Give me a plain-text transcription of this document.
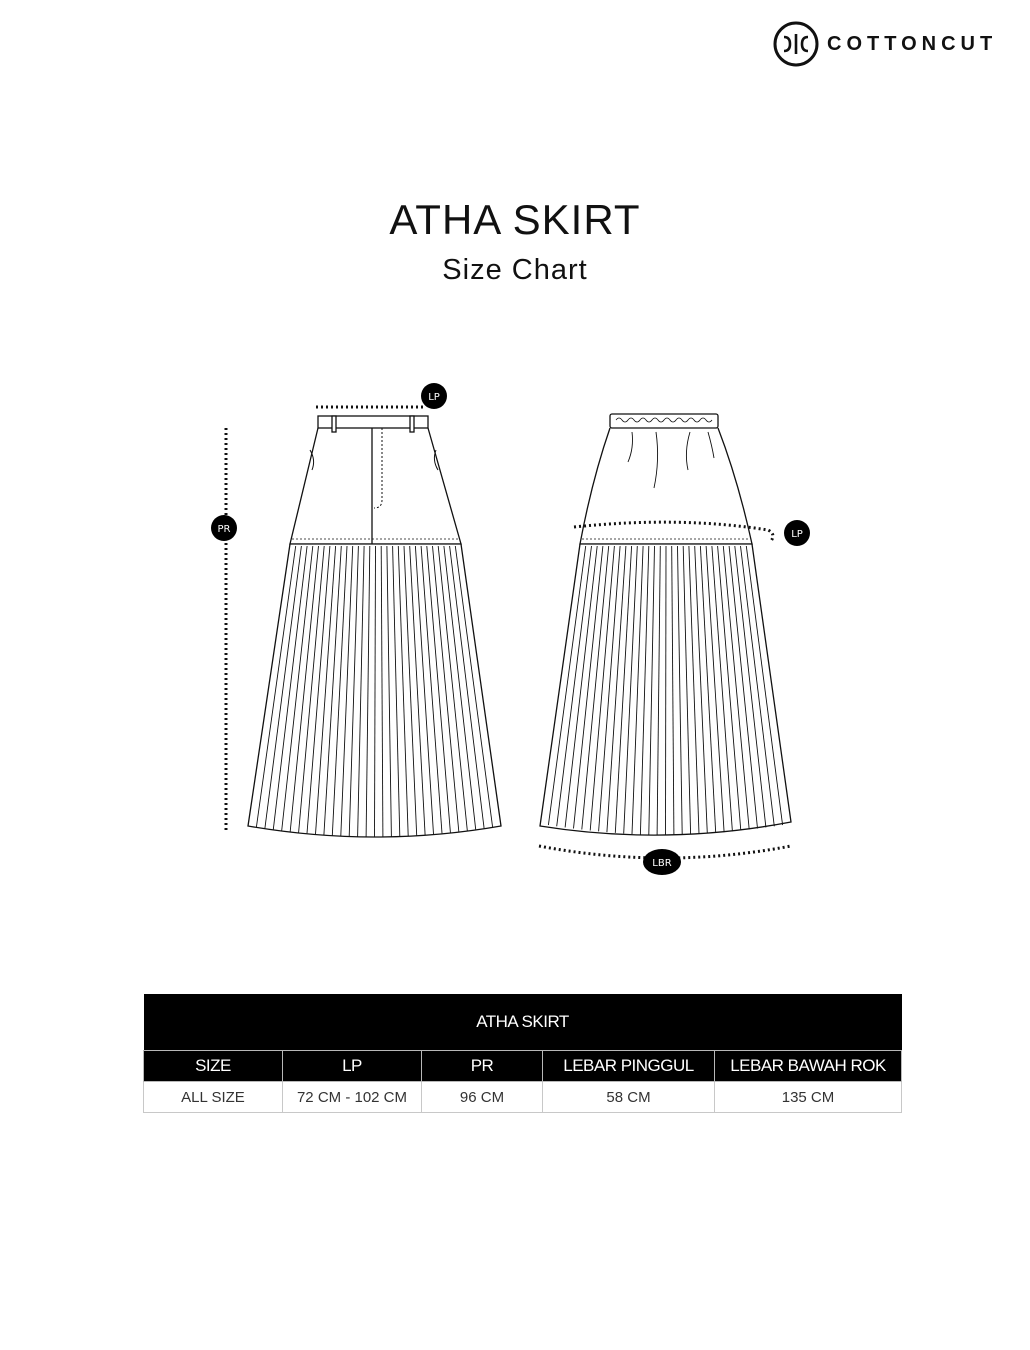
COTTONCUT
ATHA SKIRT
Size Chart
LP
PR	LP
LBR
ATHA SKIRT				
SIZE	LP	PR	LEBAR PINGGUL	LEBAR BAWAH ROK
ALL SIZE	72 CM - 102 CM	96 CM	58 CM	135 CM
